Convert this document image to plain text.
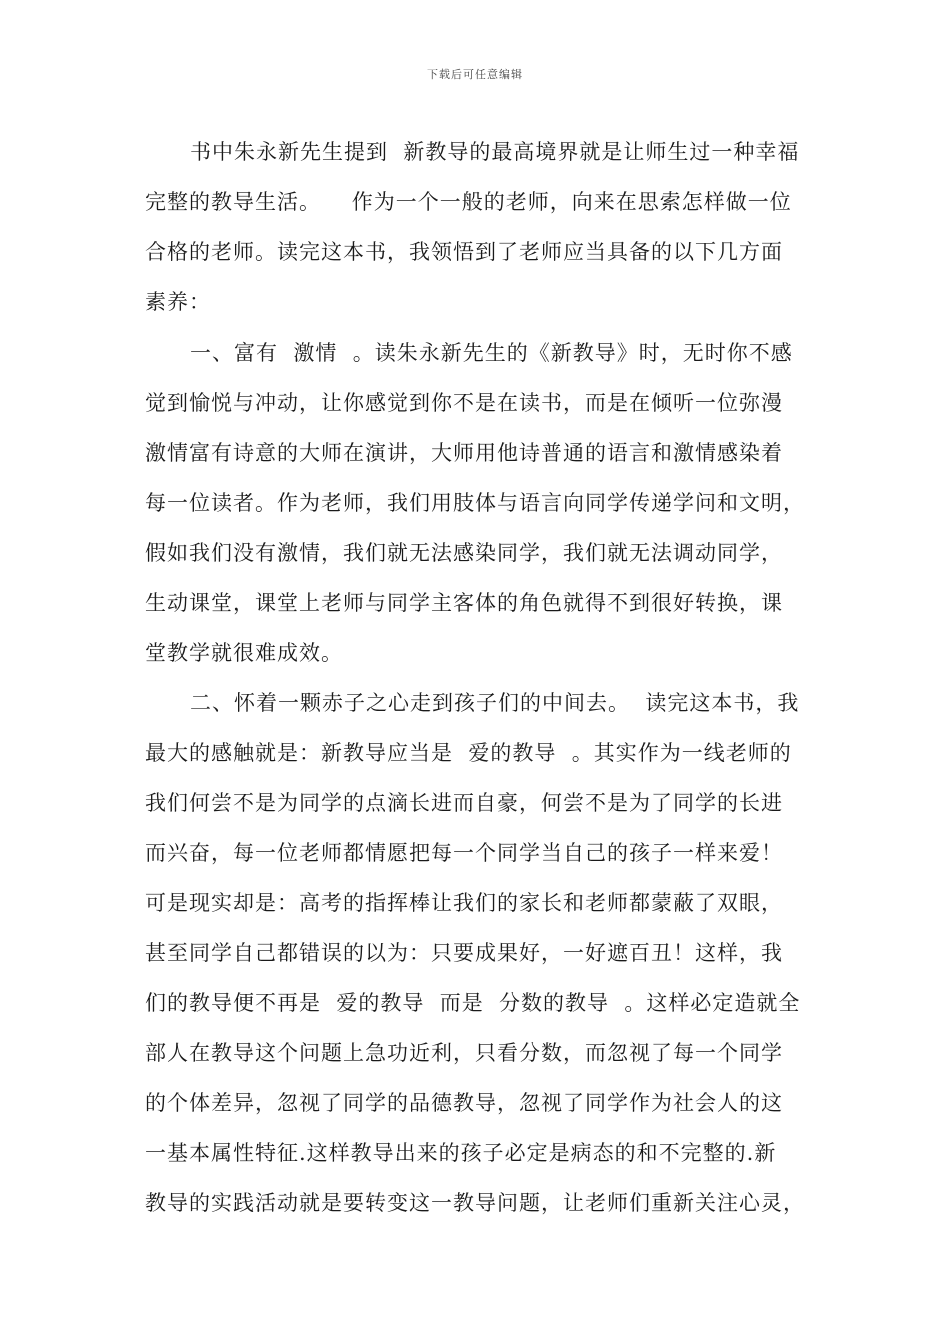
下载后可任意编辑
书中朱永新先生提到  新教导的最高境界就是让师生过一种幸福
完整的教导生活。    作为一个一般的老师，向来在思索怎样做一位
合格的老师。读完这本书，我领悟到了老师应当具备的以下几方面
素养：
一、富有  激情  。读朱永新先生的《新教导》时，无时你不感
觉到愉悦与冲动，让你感觉到你不是在读书，而是在倾听一位弥漫
激情富有诗意的大师在演讲，大师用他诗普通的语言和激情感染着
每一位读者。作为老师，我们用肢体与语言向同学传递学问和文明，
假如我们没有激情，我们就无法感染同学，我们就无法调动同学，
生动课堂，课堂上老师与同学主客体的角色就得不到很好转换，课
堂教学就很难成效。
二、怀着一颗赤子之心走到孩子们的中间去。  读完这本书，我
最大的感触就是：新教导应当是  爱的教导  。其实作为一线老师的
我们何尝不是为同学的点滴长进而自豪，何尝不是为了同学的长进
而兴奋，每一位老师都情愿把每一个同学当自己的孩子一样来爱！
可是现实却是：高考的指挥棒让我们的家长和老师都蒙蔽了双眼，
甚至同学自己都错误的以为：只要成果好，一好遮百丑！这样，我
们的教导便不再是  爱的教导  而是  分数的教导  。这样必定造就全
部人在教导这个问题上急功近利，只看分数，而忽视了每一个同学
的个体差异，忽视了同学的品德教导，忽视了同学作为社会人的这
一基本属性特征.这样教导出来的孩子必定是病态的和不完整的.新
教导的实践活动就是要转变这一教导问题，让老师们重新关注心灵，
